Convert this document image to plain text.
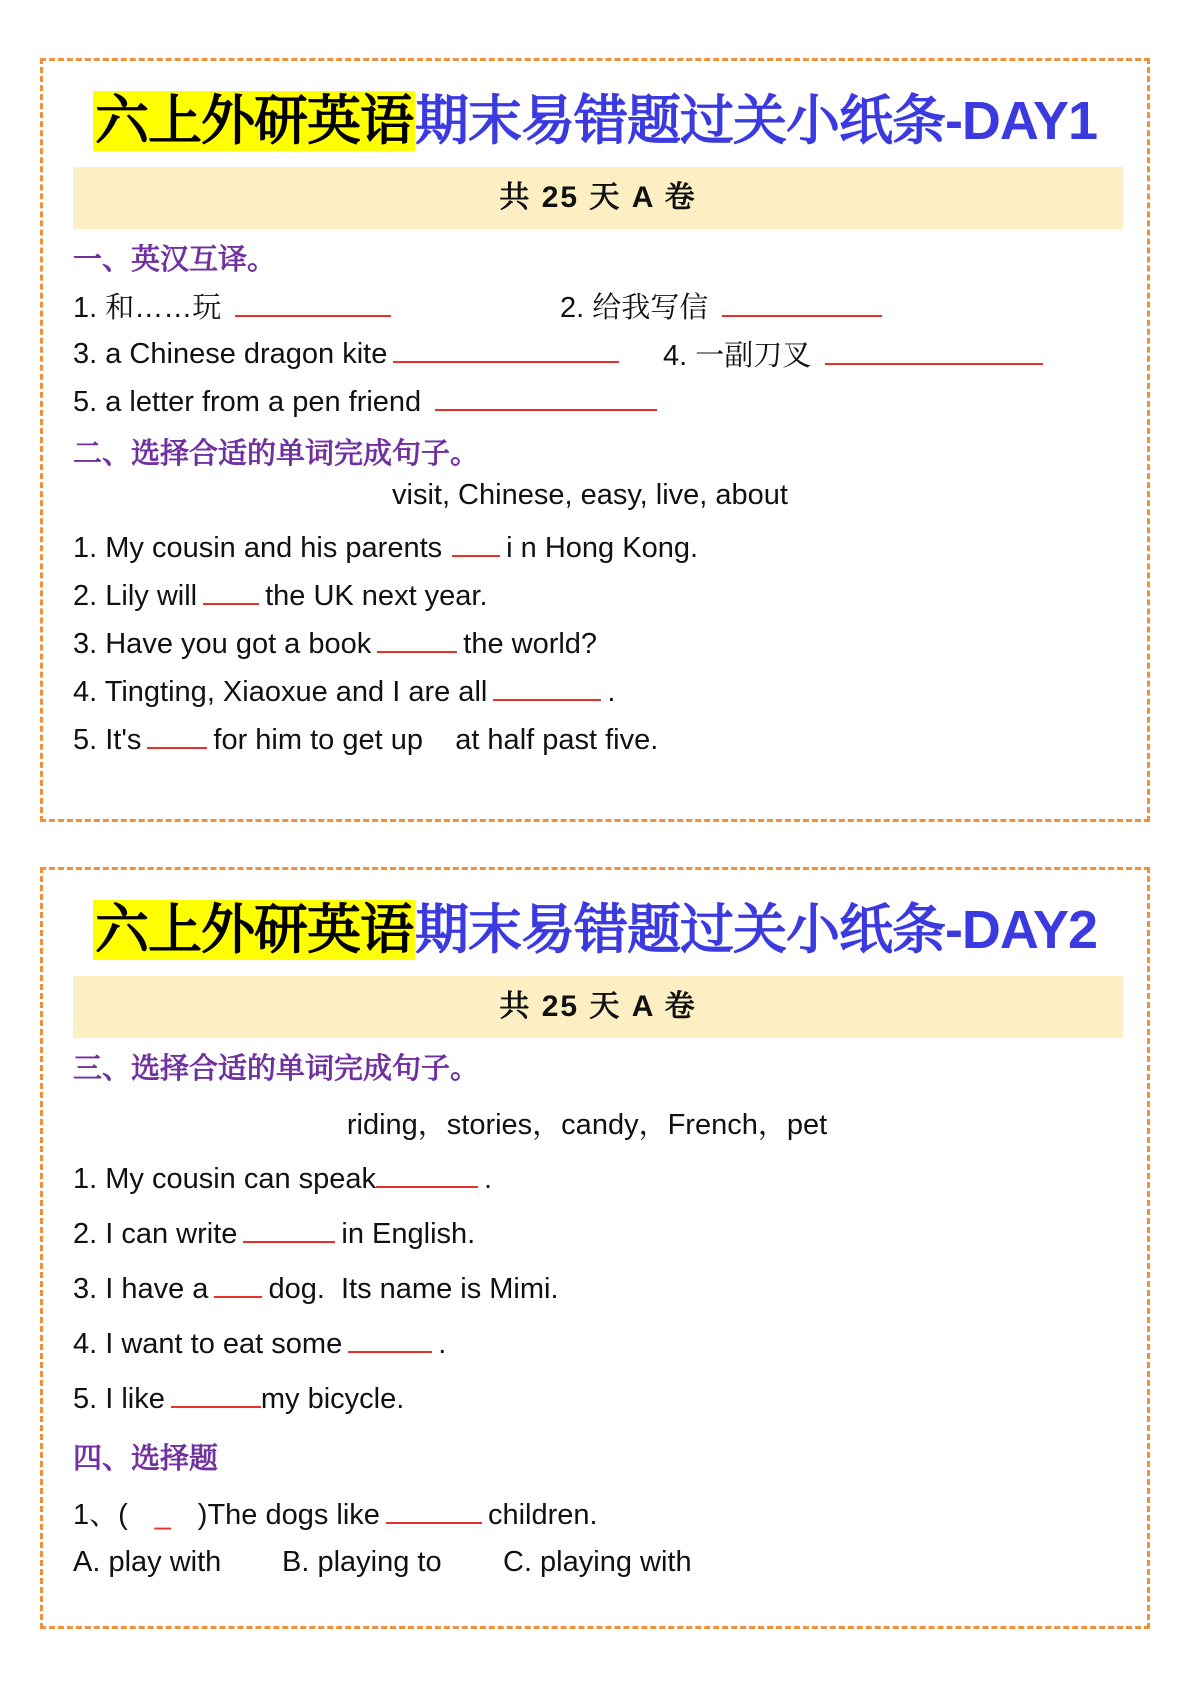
六上外研英语期末易错题过关小纸条-DAY1
共 25 天 A 卷
一、英汉互译。
1. 和……玩	2. 给我写信
3. a Chinese dragon kite	4. 一副刀叉
5. a letter from a pen friend
二、选择合适的单词完成句子。
visit, Chinese, easy, live, about
1. My cousin and his parents i n Hong Kong.
2. Lily will the UK next year.
3. Have you got a book	the world?
4. Tingting, Xiaoxue and I are all	.
5. It's for him to get up    at half past five.
六上外研英语期末易错题过关小纸条-DAY2
共 25 天 A 卷
三、选择合适的单词完成句子。
riding，stories，candy，French，pet
1. My cousin can speak	.
2. I can write	in English.
3. I have a dog.  Its name is Mimi.
4. I want to eat some	.
5. I like	my bicycle.
四、选择题
1、( _ )The dogs like	children.
A. play with B. playing to C. playing with
